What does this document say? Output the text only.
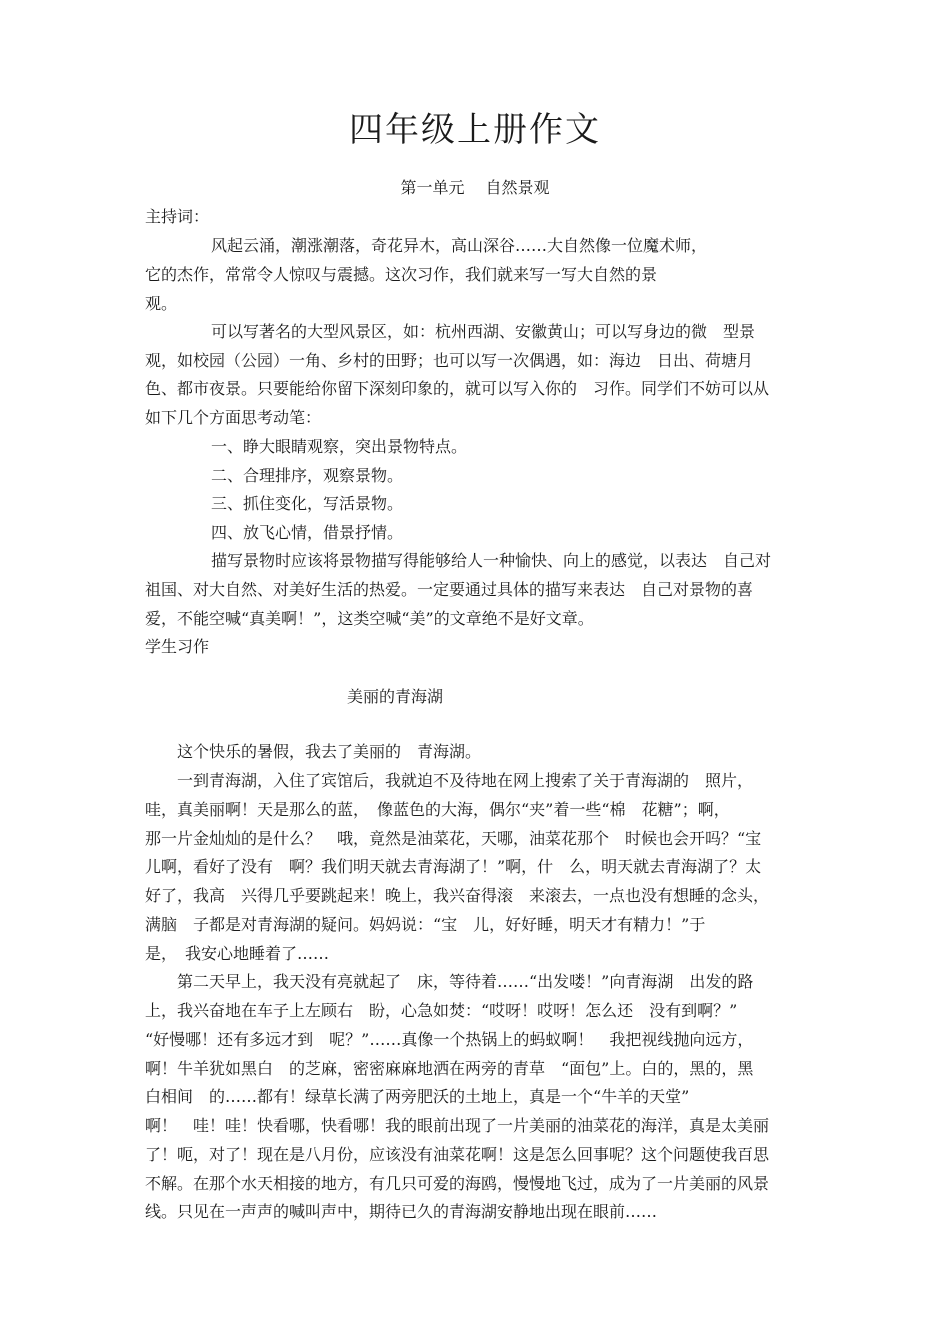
四年级上册作文
第一单元　 自然景观
主持词：
风起云涌，潮涨潮落，奇花异木，高山深谷……大自然像一位魔术师，
它的杰作，常常令人惊叹与震撼。这次习作，我们就来写一写大自然的景
观。
可以写著名的大型风景区，如：杭州西湖、安徽黄山；可以写身边的微　型景
观，如校园（公园）一角、乡村的田野；也可以写一次偶遇，如：海边　日出、荷塘月
色、都市夜景。只要能给你留下深刻印象的，就可以写入你的　习作。同学们不妨可以从
如下几个方面思考动笔：
一、睁大眼睛观察，突出景物特点。
二、合理排序，观察景物。
三、抓住变化，写活景物。
四、放飞心情，借景抒情。
描写景物时应该将景物描写得能够给人一种愉快、向上的感觉，以表达　自己对
祖国、对大自然、对美好生活的热爱。一定要通过具体的描写来表达　自己对景物的喜
爱，不能空喊“真美啊！”，这类空喊“美”的文章绝不是好文章。
学生习作
美丽的青海湖
这个快乐的暑假，我去了美丽的　青海湖。
一到青海湖，入住了宾馆后，我就迫不及待地在网上搜索了关于青海湖的　照片，
哇，真美丽啊！天是那么的蓝，　像蓝色的大海，偶尔“夹”着一些“棉　花糖”；啊，
那一片金灿灿的是什么？　哦，竟然是油菜花，天哪，油菜花那个　时候也会开吗？“宝
儿啊，看好了没有　啊？我们明天就去青海湖了！”啊，什　么，明天就去青海湖了？太
好了，我高　兴得几乎要跳起来！晚上，我兴奋得滚　来滚去，一点也没有想睡的念头，
满脑　子都是对青海湖的疑问。妈妈说：“宝　儿，好好睡，明天才有精力！”于
是，　我安心地睡着了……
第二天早上，我天没有亮就起了　床，等待着……“出发喽！”向青海湖　出发的路
上，我兴奋地在车子上左顾右　盼，心急如焚：“哎呀！哎呀！怎么还　没有到啊？”
“好慢哪！还有多远才到　呢？”……真像一个热锅上的蚂蚁啊！　我把视线抛向远方，
啊！牛羊犹如黑白　的芝麻，密密麻麻地洒在两旁的青草　“面包”上。白的，黑的，黑
白相间　的……都有！绿草长满了两旁肥沃的土地上，真是一个“牛羊的天堂”
啊！　哇！哇！快看哪，快看哪！我的眼前出现了一片美丽的油菜花的海洋，真是太美丽
了！呃，对了！现在是八月份，应该没有油菜花啊！这是怎么回事呢？这个问题使我百思
不解。在那个水天相接的地方，有几只可爱的海鸥，慢慢地飞过，成为了一片美丽的风景
线。只见在一声声的喊叫声中，期待已久的青海湖安静地出现在眼前……
